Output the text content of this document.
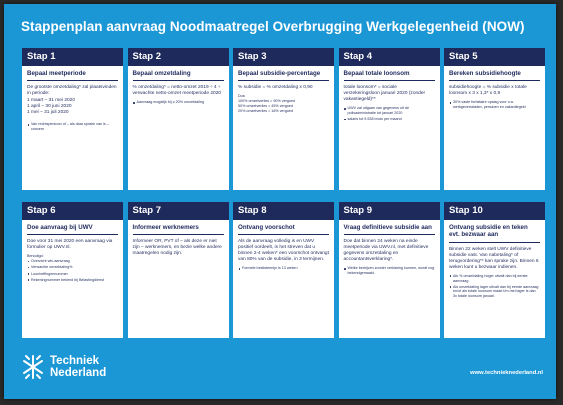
Stappenplan aanvraag Noodmaatregel Overbrugging Werkgelegenheid (NOW)
Stap 1
Bepaal meetperiode
De grootste omzetdaling* zal plaatsvinden in periode:
1 maart – 31 mei 2020
1 april – 30 juni 2020
1 mei – 31 juli 2020
Van rechtspersoon of – als daar sprake van is – concern
Stap 2
Bepaal omzetdaling
% omzetdaling* = netto-omzet 2019 ÷ 4 ÷ verwachte netto-omzet meetperiode 2020
Aanvraag mogelijk bij ≥ 20% omzetdaling
Stap 3
Bepaal subsidie-percentage
% subsidie = % omzetdaling x 0,90
Dus:
100% omzetverlies = 90% vergoed
50% omzetverlies = 45% vergoed
20% omzetverlies = 18% vergoed
Stap 4
Bepaal totale loonsom
totale loonsom* = sociale verzekeringsloon januari 2020 (zonder vakantiegeld)**
UWV zal uitgaan van gegevens uit de polisadministratie tot januari 2020
salaris tot 9.538 bruto per maand
Stap 5
Bereken subsidiehoogte
subsidiehoogte = % subsidie x totale loonsom x 3 x 1,3* x 0,9
30% vaste forfaitaire opslag voor o.a. werkgeverslasten, pensioen en vakantiegeld
Stap 6
Doe aanvraag bij UWV
Doe voor 31 mei 2020 een aanvraag via formulier op UWV.nl.
Benodigd:
Overzicht wtv-aanvraag
Verwachte omzetdaling%
Loonheffingennummer
Rekeningnummer bekend bij Belastingdienst
Stap 7
Informeer werknemers
Informeer OR, PVT of – als deze er niet zijn – werknemers, en bezie welke andere maatregelen nodig zijn.
Stap 8
Ontvang voorschot
Als de aanvraag volledig is en UWV positief oordeelt, is het streven dat u binnen 2-4 weken* een voorschot ontvangt van 80% van de subsidie, in 3 termijnen.
Formele beslistermijn is 13 weken
Stap 9
Vraag definitieve subsidie aan
Doe dat binnen 24 weken na einde meetperiode via UWV.nl, met definitieve gegevens omzetdaling en accountantsverklaring*.
Welke bedrijven zonder verklaring kunnen, wordt nog bekendgemaakt.
Stap 10
Ontvang subsidie en teken evt. bezwaar aan
Binnen 22 weken stelt UWV definitieve subsidie vast. Van nabetaling* of terugvordering** kan sprake zijn. Binnen 6 weken kunt u bezwaar indienen.
Als % omzetdaling hoger uitvalt dan bij eerste aanvraag
Als omzetdaling lager uitvalt dan bij eerste aanvraag en/of als totale loonsom maart t/m mei lager is dan 3x totale loonsom januari.
Techniek
Nederland	www.technieknederland.nl
